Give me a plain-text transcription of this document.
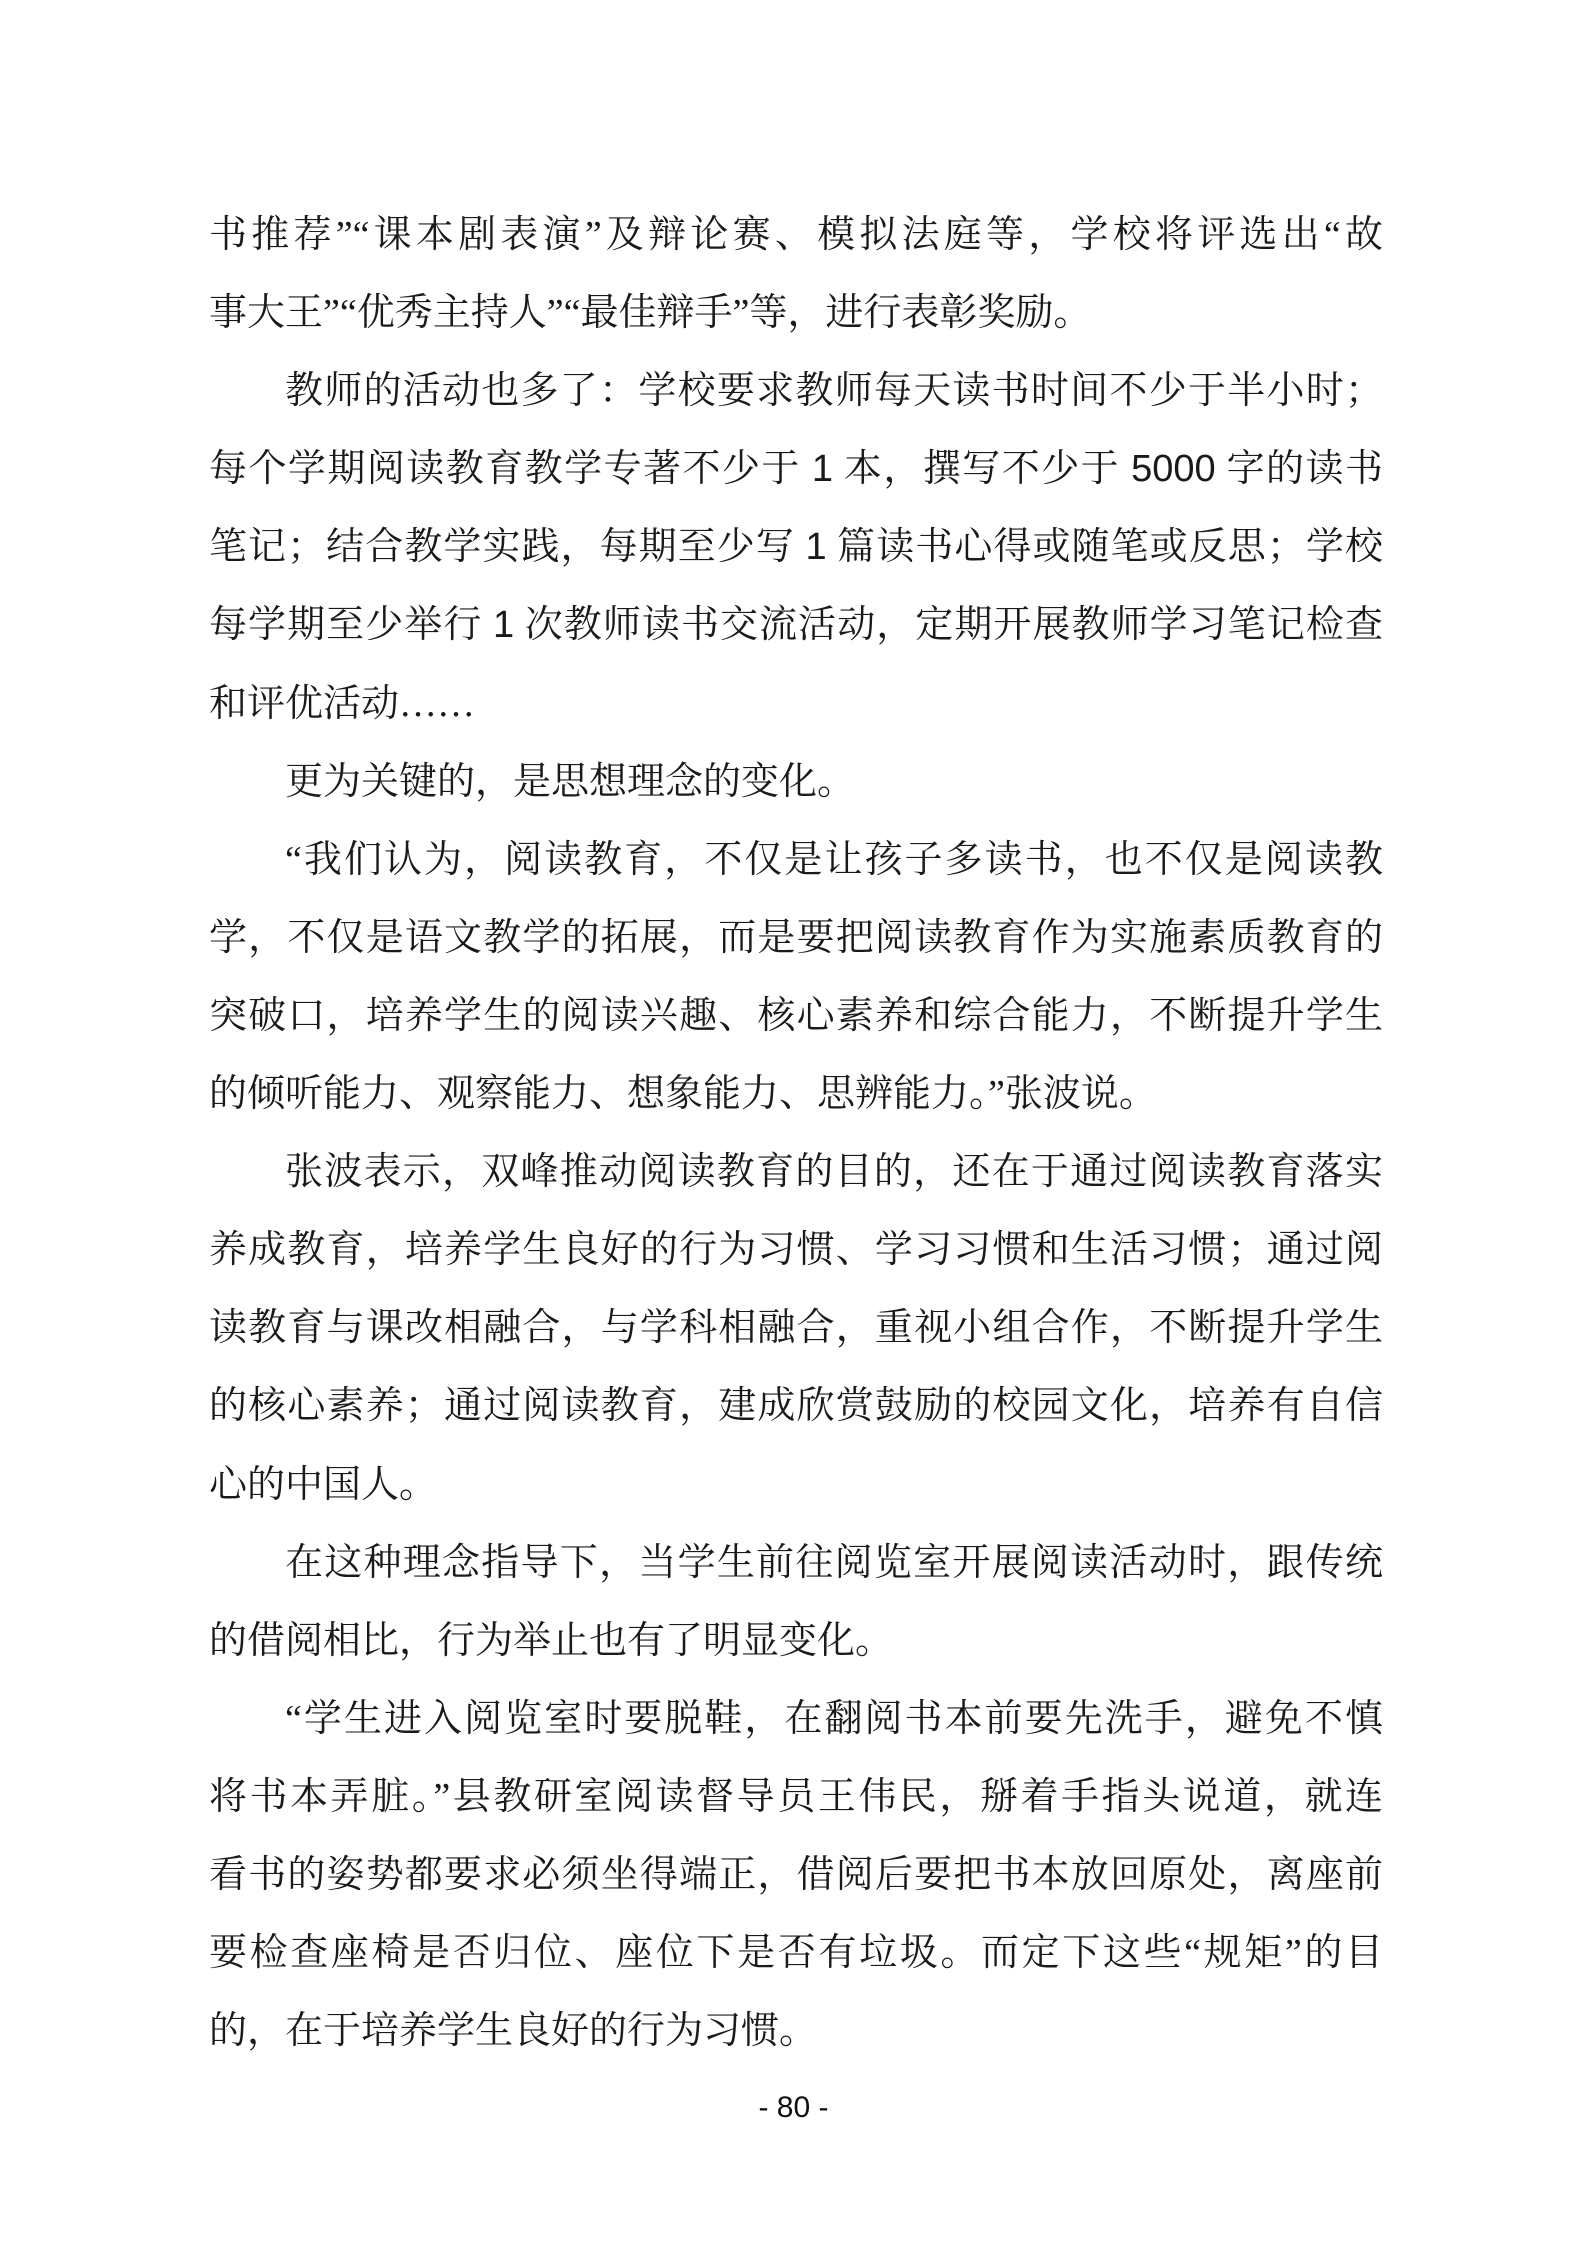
书推荐”“课本剧表演”及辩论赛、模拟法庭等，学校将评选出“故
事大王”“优秀主持人”“最佳辩手”等，进行表彰奖励。
教师的活动也多了：学校要求教师每天读书时间不少于半小时；
每个学期阅读教育教学专著不少于 1 本，撰写不少于 5000 字的读书
笔记；结合教学实践，每期至少写 1 篇读书心得或随笔或反思；学校
每学期至少举行 1 次教师读书交流活动，定期开展教师学习笔记检查
和评优活动……
更为关键的，是思想理念的变化。
“我们认为，阅读教育，不仅是让孩子多读书，也不仅是阅读教
学，不仅是语文教学的拓展，而是要把阅读教育作为实施素质教育的
突破口，培养学生的阅读兴趣、核心素养和综合能力，不断提升学生
的倾听能力、观察能力、想象能力、思辨能力。”张波说。
张波表示，双峰推动阅读教育的目的，还在于通过阅读教育落实
养成教育，培养学生良好的行为习惯、学习习惯和生活习惯；通过阅
读教育与课改相融合，与学科相融合，重视小组合作，不断提升学生
的核心素养；通过阅读教育，建成欣赏鼓励的校园文化，培养有自信
心的中国人。
在这种理念指导下，当学生前往阅览室开展阅读活动时，跟传统
的借阅相比，行为举止也有了明显变化。
“学生进入阅览室时要脱鞋，在翻阅书本前要先洗手，避免不慎
将书本弄脏。”县教研室阅读督导员王伟民，掰着手指头说道，就连
看书的姿势都要求必须坐得端正，借阅后要把书本放回原处，离座前
要检查座椅是否归位、座位下是否有垃圾。而定下这些“规矩”的目
的，在于培养学生良好的行为习惯。
- 80 -
